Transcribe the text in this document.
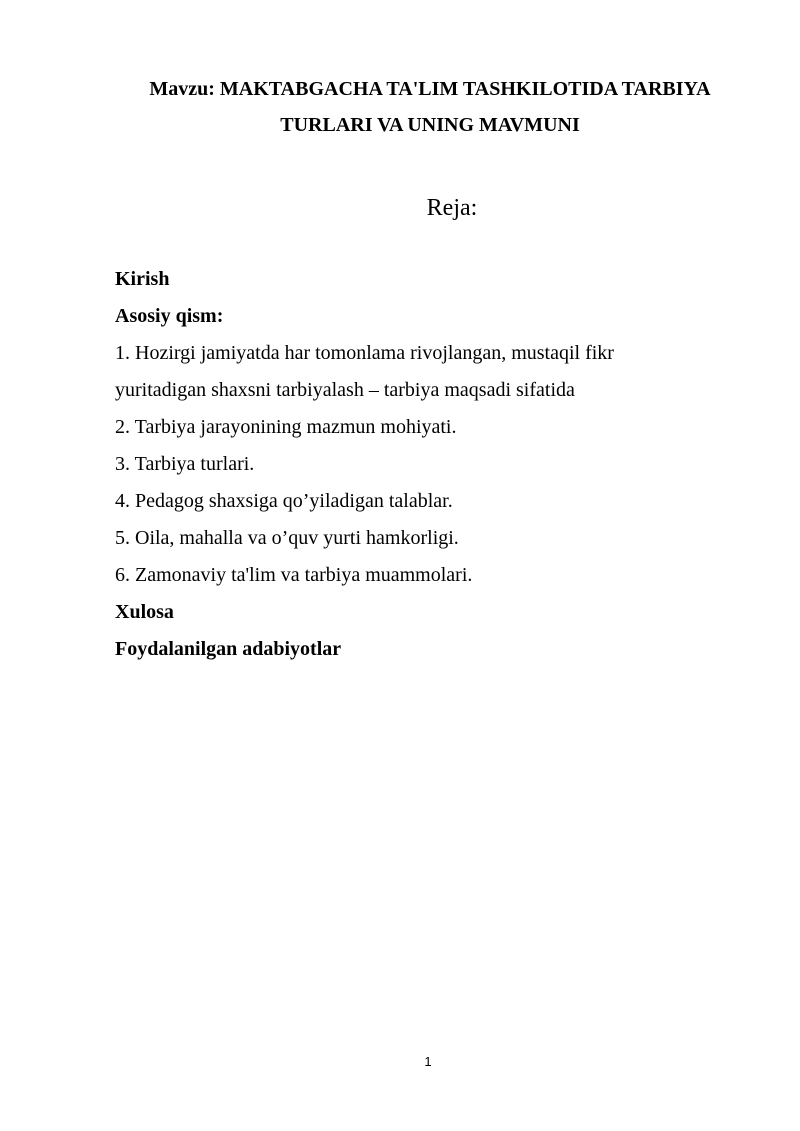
Mavzu: MAKTABGACHA TA'LIM TASHKILOTIDA TARBIYA
TURLARI VA UNING MAVMUNI
Reja:
Kirish
Asosiy qism:
1. Hozirgi jamiyatda har tomonlama rivojlangan, mustaqil fikr
yuritadigan shaxsni tarbiyalash – tarbiya maqsadi sifatida
2. Tarbiya jarayonining mazmun mohiyati.
3. Tarbiya turlari.
4. Pedagog shaxsiga qo’yiladigan talablar.
5. Oila, mahalla va o’quv yurti hamkorligi.
6. Zamonaviy ta'lim va tarbiya muammolari.
Xulosa
Foydalanilgan adabiyotlar
1
